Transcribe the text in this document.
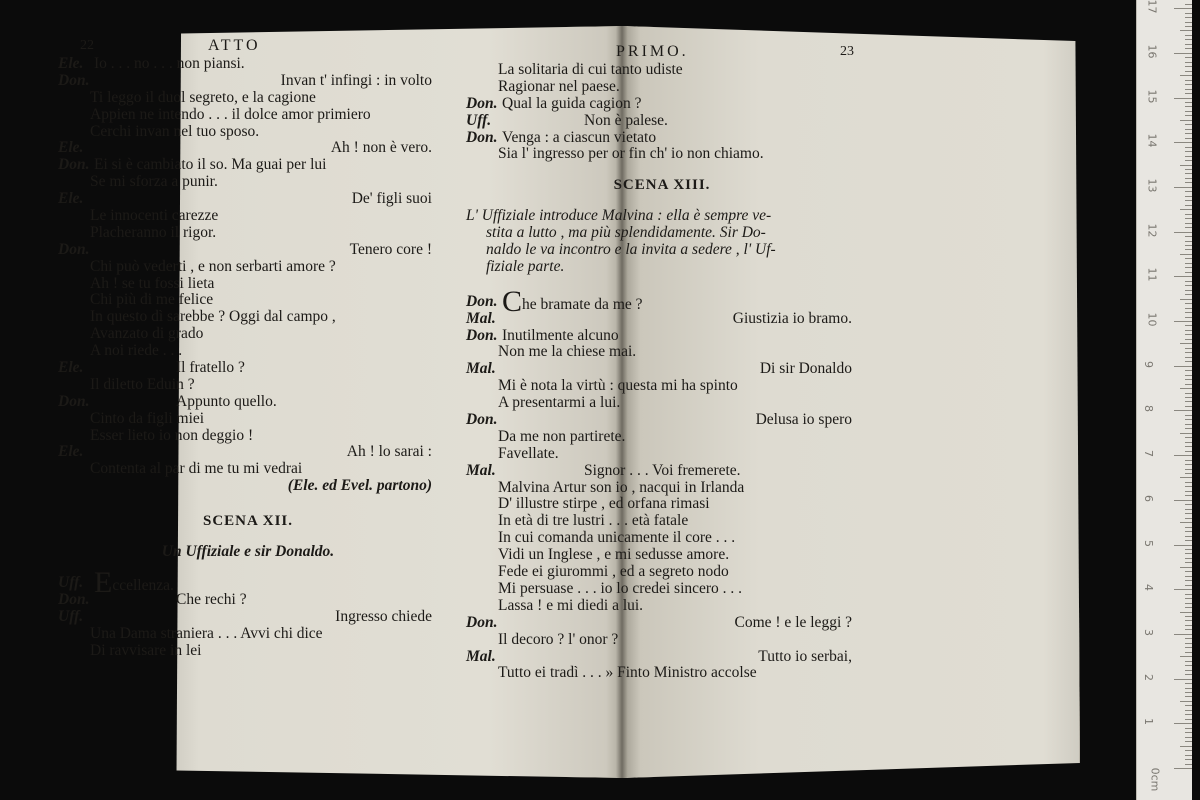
22

	ATTO

Ele. Io . . . no . . . non piansi.
Don.	Invan t' infingi : in volto
Ti leggo il duol segreto, e la cagione
Appien ne intendo . . . il dolce amor primiero
Cerchi invan nel tuo sposo.
Ele.	Ah ! non è vero.
Don. Ei si è cambiato il so. Ma guai per lui
Se mi sforza a punir.
Ele.	De' figli suoi
Le innocenti carezze
Placheranno il rigor.
Don.	Tenero core !
Chi può vederti , e non serbarti amore ?
Ah ! se tu fossi lieta
Chi più di me felice
In questo dì sarebbe ? Oggi dal campo ,
Avanzato di grado
A noi riede . . .
Ele.	Il fratello ?
Il diletto Eduin ?
Don.	Appunto quello.
Cinto da figli miei
Esser lieto io non deggio !
Ele.	Ah ! lo sarai :
Contenta al par di me tu mi vedrai
(Ele. ed Evel. partono)
SCENA XII.
Un Uffiziale e sir Donaldo.
Uff. Eccellenza.
Don.	Che rechi ?
Uff.	Ingresso chiede
Una Dama straniera . . . Avvi chi dice
Di ravvisare in lei

PRIMO.

	23

La solitaria di cui tanto udiste
Ragionar nel paese.
Don. Qual la guida cagion ?
Uff.	Non è palese.
Don. Venga : a ciascun vietato
Sia l' ingresso per or fin ch' io non chiamo.
SCENA XIII.
L' Uffiziale introduce Malvina : ella è sempre ve-
stita a lutto , ma più splendidamente. Sir Do-
naldo le va incontro e la invita a sedere , l' Uf-
fiziale parte.
Don. Che bramate da me ?
Mal.	Giustizia io bramo.
Don. Inutilmente alcuno
Non me la chiese mai.
Mal.	Di sir Donaldo
Mi è nota la virtù : questa mi ha spinto
A presentarmi a lui.
Don.	Delusa io spero
Da me non partirete.
Favellate.
Mal.	Signor . . . Voi fremerete.
Malvina Artur son io , nacqui in Irlanda
D' illustre stirpe , ed orfana rimasi
In età di tre lustri . . . età fatale
In cui comanda unicamente il core . . .
Vidi un Inglese , e mi sedusse amore.
Fede ei giurommi , ed a segreto nodo
Mi persuase . . . io lo credei sincero . . .
Lassa ! e mi diedi a lui.
Don.	Come ! e le leggi ?
Il decoro ? l' onor ?
Mal.	Tutto io serbai,
Tutto ei tradì . . . » Finto Ministro accolse
17
16
15
14
13
12
11
10
9
8
7
6
5
4
3
2
1
0cm
